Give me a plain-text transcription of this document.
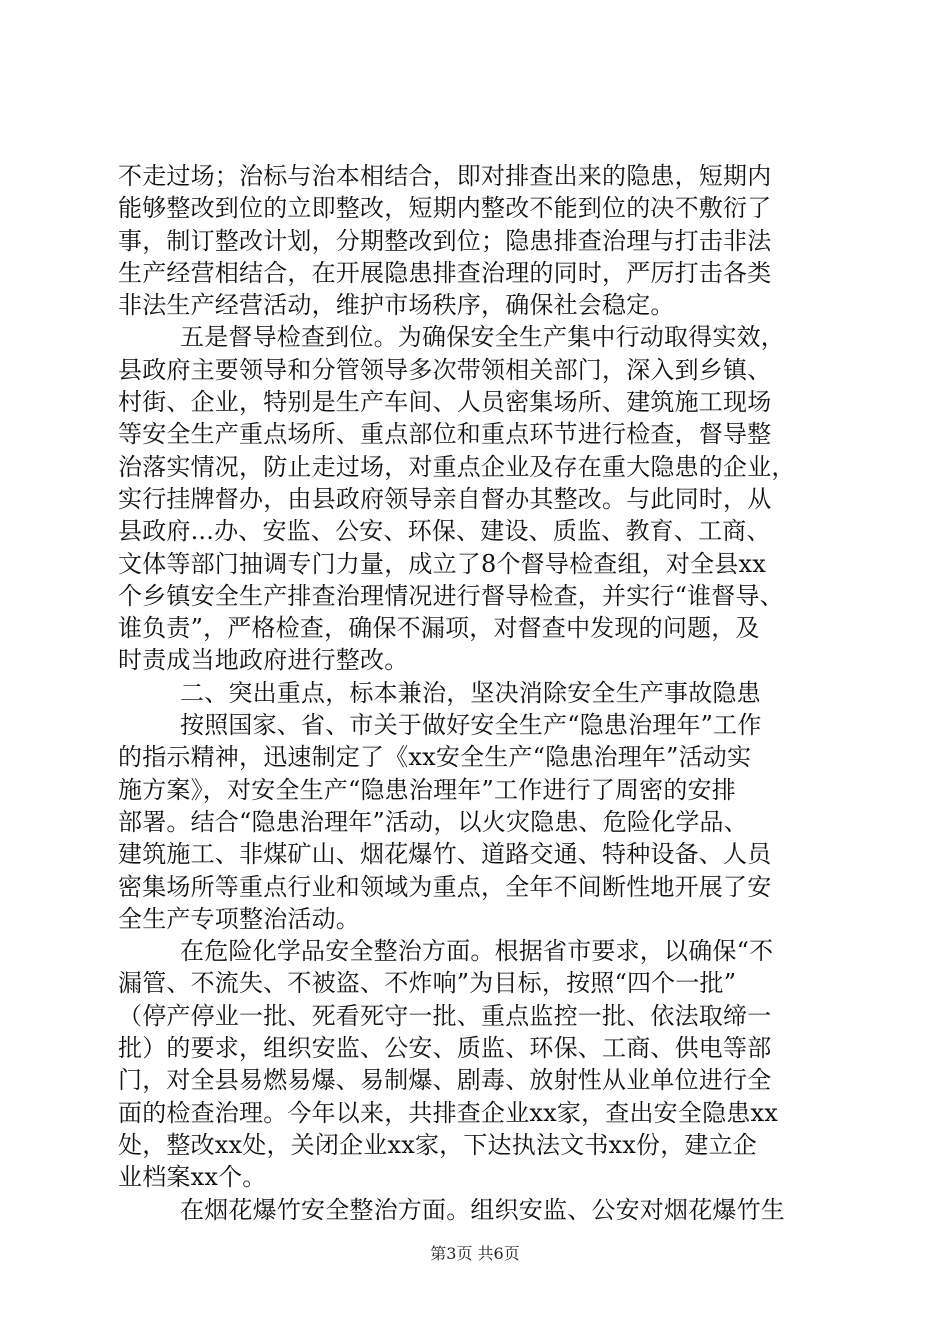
不走过场；治标与治本相结合，即对排查出来的隐患，短期内
能够整改到位的立即整改，短期内整改不能到位的决不敷衍了
事，制订整改计划，分期整改到位；隐患排查治理与打击非法
生产经营相结合，在开展隐患排查治理的同时，严厉打击各类
非法生产经营活动，维护市场秩序，确保社会稳定。
五是督导检查到位。为确保安全生产集中行动取得实效，
县政府主要领导和分管领导多次带领相关部门，深入到乡镇、
村街、企业，特别是生产车间、人员密集场所、建筑施工现场
等安全生产重点场所、重点部位和重点环节进行检查，督导整
治落实情况，防止走过场，对重点企业及存在重大隐患的企业，
实行挂牌督办，由县政府领导亲自督办其整改。与此同时，从
县政府...办、安监、公安、环保、建设、质监、教育、工商、
文体等部门抽调专门力量，成立了8个督导检查组，对全县xx
个乡镇安全生产排查治理情况进行督导检查，并实行“谁督导、
谁负责”，严格检查，确保不漏项，对督查中发现的问题，及
时责成当地政府进行整改。
二、突出重点，标本兼治，坚决消除安全生产事故隐患
按照国家、省、市关于做好安全生产“隐患治理年”工作
的指示精神，迅速制定了《xx安全生产“隐患治理年”活动实
施方案》，对安全生产“隐患治理年”工作进行了周密的安排
部署。结合“隐患治理年”活动，以火灾隐患、危险化学品、
建筑施工、非煤矿山、烟花爆竹、道路交通、特种设备、人员
密集场所等重点行业和领域为重点，全年不间断性地开展了安
全生产专项整治活动。
在危险化学品安全整治方面。根据省市要求，以确保“不
漏管、不流失、不被盗、不炸响”为目标，按照“四个一批”
（停产停业一批、死看死守一批、重点监控一批、依法取缔一
批）的要求，组织安监、公安、质监、环保、工商、供电等部
门，对全县易燃易爆、易制爆、剧毒、放射性从业单位进行全
面的检查治理。今年以来，共排查企业xx家，查出安全隐患xx
处，整改xx处，关闭企业xx家，下达执法文书xx份，建立企
业档案xx个。
在烟花爆竹安全整治方面。组织安监、公安对烟花爆竹生
第3页 共6页
